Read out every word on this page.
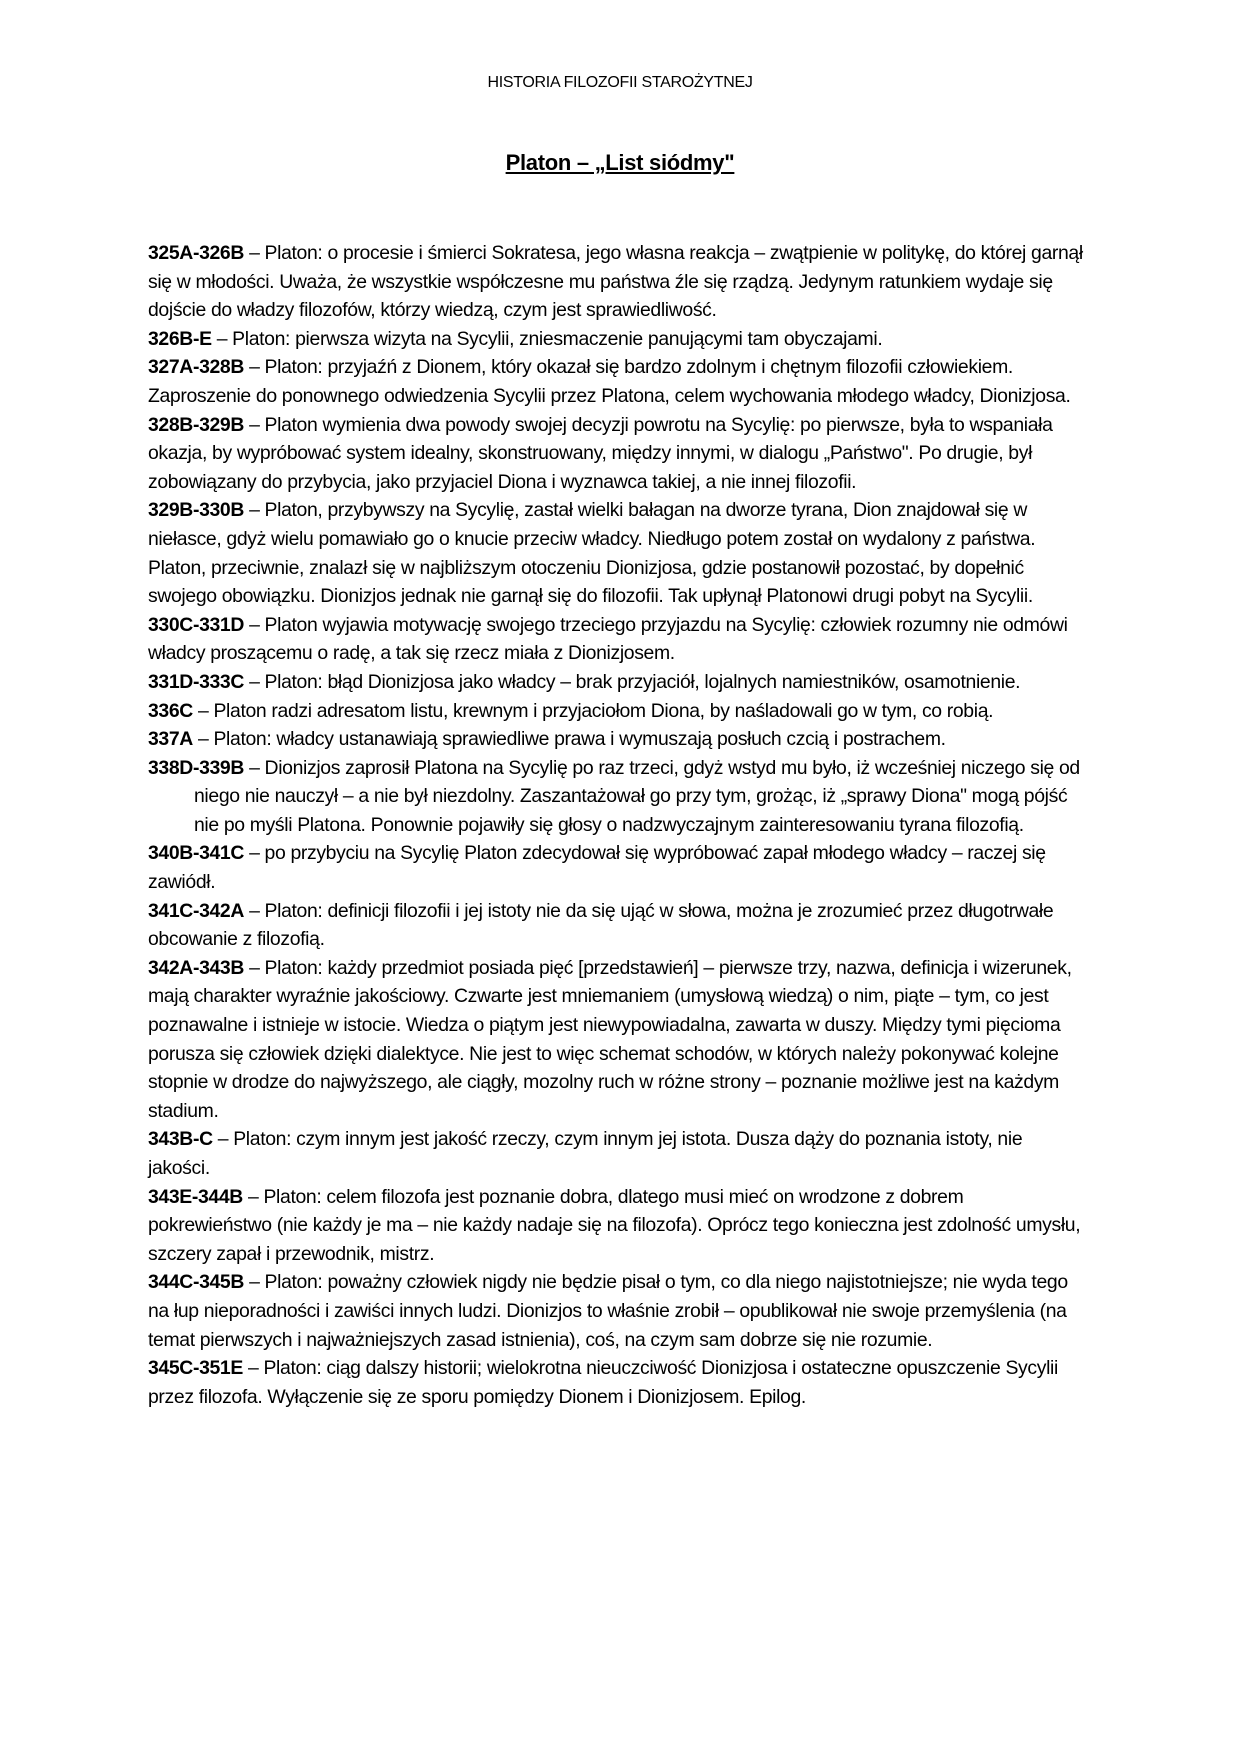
HISTORIA FILOZOFII STAROŻYTNEJ
Platon – „List siódmy"

325A-326B – Platon: o procesie i śmierci Sokratesa, jego własna reakcja – zwątpienie w politykę, do której garnął się w młodości. Uważa, że wszystkie współczesne mu państwa źle się rządzą. Jedynym ratunkiem wydaje się dojście do władzy filozofów, którzy wiedzą, czym jest sprawiedliwość.

326B-E – Platon: pierwsza wizyta na Sycylii, zniesmaczenie panującymi tam obyczajami.

327A-328B – Platon: przyjaźń z Dionem, który okazał się bardzo zdolnym i chętnym filozofii człowiekiem. Zaproszenie do ponownego odwiedzenia Sycylii przez Platona, celem wychowania młodego władcy, Dionizjosa.

328B-329B – Platon wymienia dwa powody swojej decyzji powrotu na Sycylię: po pierwsze, była to wspaniała okazja, by wypróbować system idealny, skonstruowany, między innymi, w dialogu „Państwo". Po drugie, był zobowiązany do przybycia, jako przyjaciel Diona i wyznawca takiej, a nie innej filozofii.

329B-330B – Platon, przybywszy na Sycylię, zastał wielki bałagan na dworze tyrana, Dion znajdował się w niełasce, gdyż wielu pomawiało go o knucie przeciw władcy. Niedługo potem został on wydalony z państwa. Platon, przeciwnie, znalazł się w najbliższym otoczeniu Dionizjosa, gdzie postanowił pozostać, by dopełnić swojego obowiązku. Dionizjos jednak nie garnął się do filozofii. Tak upłynął Platonowi drugi pobyt na Sycylii.

330C-331D – Platon wyjawia motywację swojego trzeciego przyjazdu na Sycylię: człowiek rozumny nie odmówi władcy proszącemu o radę, a tak się rzecz miała z Dionizjosem.

331D-333C – Platon: błąd Dionizjosa jako władcy – brak przyjaciół, lojalnych namiestników, osamotnienie.

336C – Platon radzi adresatom listu, krewnym i przyjaciołom Diona, by naśladowali go w tym, co robią.

337A – Platon: władcy ustanawiają sprawiedliwe prawa i wymuszają posłuch czcią i postrachem.

338D-339B – Dionizjos zaprosił Platona na Sycylię po raz trzeci, gdyż wstyd mu było, iż wcześniej niczego się od niego nie nauczył – a nie był niezdolny. Zaszantażował go przy tym, grożąc, iż „sprawy Diona" mogą pójść nie po myśli Platona. Ponownie pojawiły się głosy o nadzwyczajnym zainteresowaniu tyrana filozofią.

340B-341C – po przybyciu na Sycylię Platon zdecydował się wypróbować zapał młodego władcy – raczej się zawiódł.

341C-342A – Platon: definicji filozofii i jej istoty nie da się ująć w słowa, można je zrozumieć przez długotrwałe obcowanie z filozofią.

342A-343B – Platon: każdy przedmiot posiada pięć [przedstawień] – pierwsze trzy, nazwa, definicja i wizerunek, mają charakter wyraźnie jakościowy. Czwarte jest mniemaniem (umysłową wiedzą) o nim, piąte – tym, co jest poznawalne i istnieje w istocie. Wiedza o piątym jest niewypowiadalna, zawarta w duszy. Między tymi pięcioma porusza się człowiek dzięki dialektyce. Nie jest to więc schemat schodów, w których należy pokonywać kolejne stopnie w drodze do najwyższego, ale ciągły, mozolny ruch w różne strony – poznanie możliwe jest na każdym stadium.

343B-C – Platon: czym innym jest jakość rzeczy, czym innym jej istota. Dusza dąży do poznania istoty, nie jakości.

343E-344B – Platon: celem filozofa jest poznanie dobra, dlatego musi mieć on wrodzone z dobrem pokrewieństwo (nie każdy je ma – nie każdy nadaje się na filozofa). Oprócz tego konieczna jest zdolność umysłu, szczery zapał i przewodnik, mistrz.

344C-345B – Platon: poważny człowiek nigdy nie będzie pisał o tym, co dla niego najistotniejsze; nie wyda tego na łup nieporadności i zawiści innych ludzi. Dionizjos to właśnie zrobił – opublikował nie swoje przemyślenia (na temat pierwszych i najważniejszych zasad istnienia), coś, na czym sam dobrze się nie rozumie.

345C-351E – Platon: ciąg dalszy historii; wielokrotna nieuczciwość Dionizjosa i ostateczne opuszczenie Sycylii przez filozofa. Wyłączenie się ze sporu pomiędzy Dionem i Dionizjosem. Epilog.
